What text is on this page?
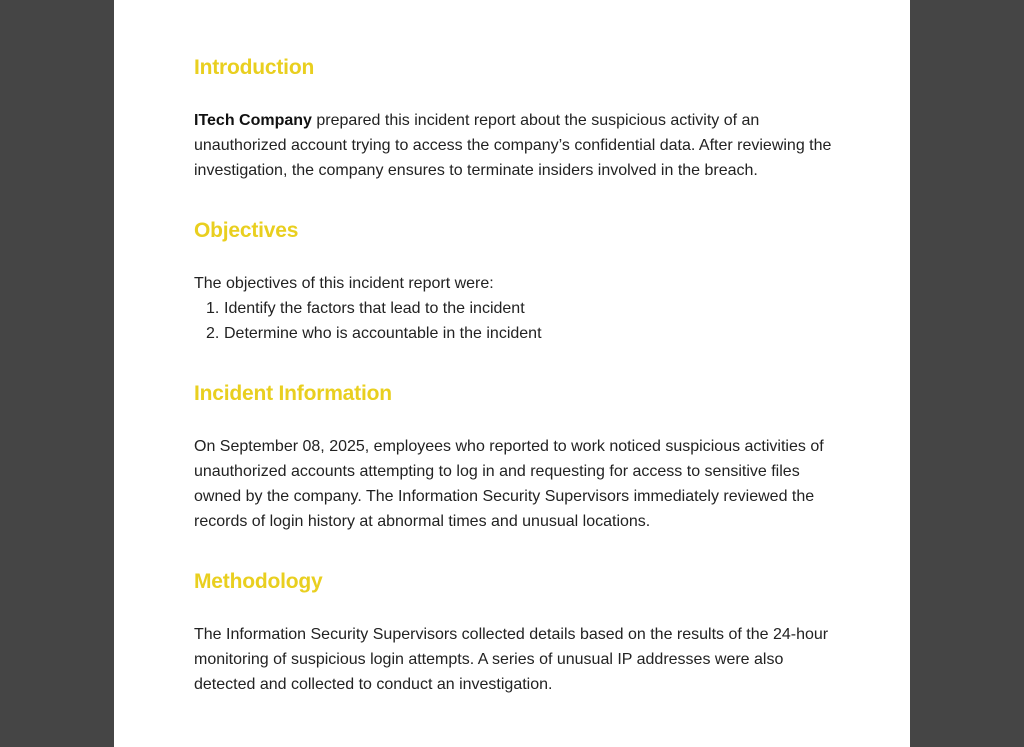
Introduction

ITech Company prepared this incident report about the suspicious activity of an unauthorized account trying to access the company’s confidential data. After reviewing the investigation, the company ensures to terminate insiders involved in the breach.

Objectives

The objectives of this incident report were:

1. Identify the factors that lead to the incident
2. Determine who is accountable in the incident
Incident Information

On September 08, 2025, employees who reported to work noticed suspicious activities of unauthorized accounts attempting to log in and requesting for access to sensitive files owned by the company. The Information Security Supervisors immediately reviewed the records of login history at abnormal times and unusual locations.

Methodology

The Information Security Supervisors collected details based on the results of the 24-hour monitoring of suspicious login attempts. A series of unusual IP addresses were also detected and collected to conduct an investigation.
